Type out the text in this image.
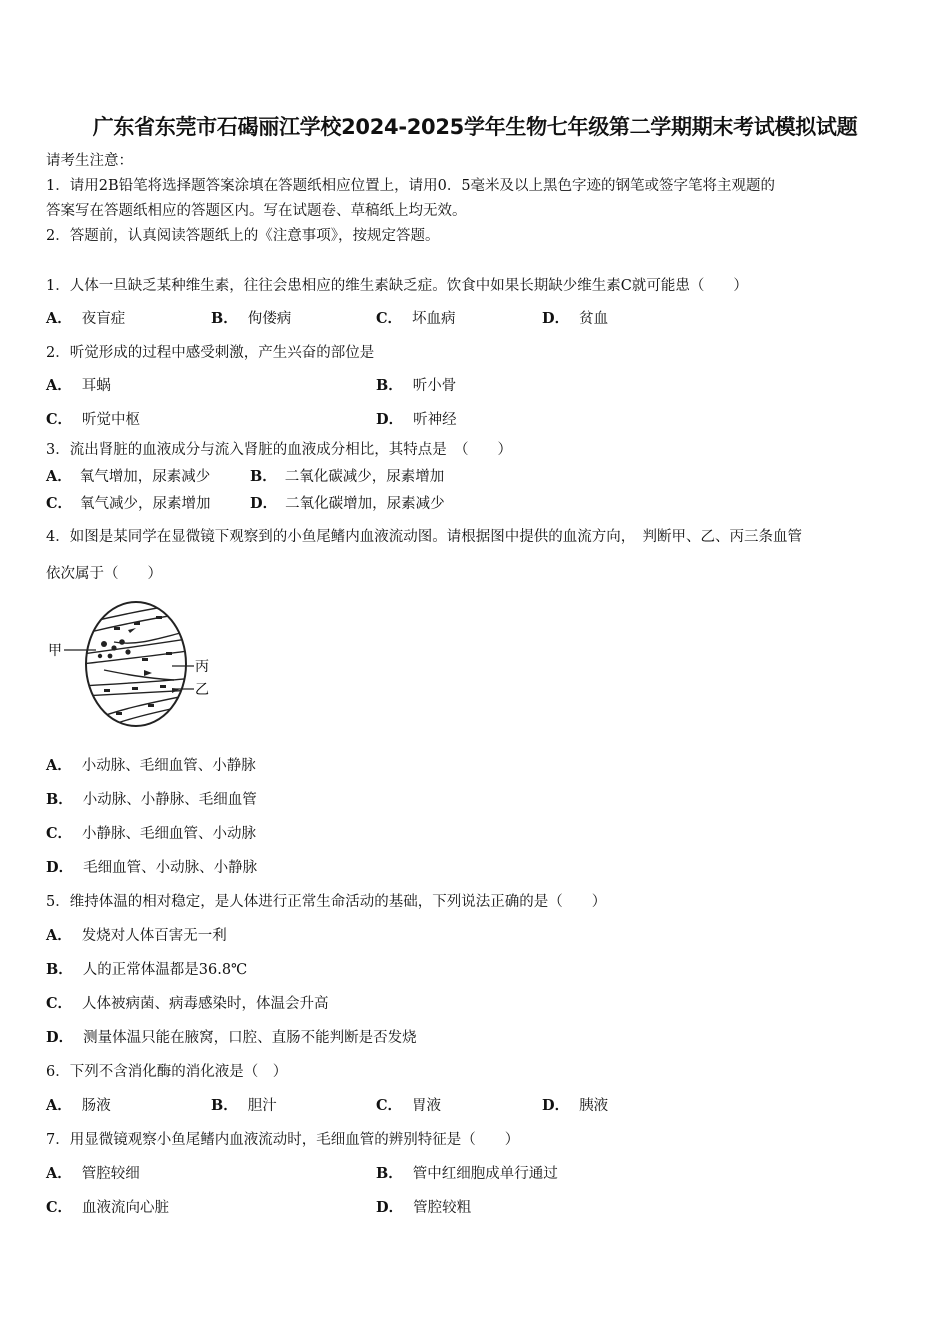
广东省东莞市石碣丽江学校2024-2025学年生物七年级第二学期期末考试模拟试题
请考生注意：
1．请用2B铅笔将选择题答案涂填在答题纸相应位置上，请用0．5毫米及以上黑色字迹的钢笔或签字笔将主观题的
答案写在答题纸相应的答题区内。写在试题卷、草稿纸上均无效。
2．答题前，认真阅读答题纸上的《注意事项》，按规定答题。
1．人体一旦缺乏某种维生素，往往会患相应的维生素缺乏症。饮食中如果长期缺少维生素C就可能患（　　）
A． 夜盲症	B． 佝偻病	C． 坏血病	D． 贫血
2．听觉形成的过程中感受刺激，产生兴奋的部位是
A． 耳蜗	B． 听小骨
C． 听觉中枢	D． 听神经
3．流出肾脏的血液成分与流入肾脏的血液成分相比，其特点是　（　　）
A． 氧气增加，尿素减少	B． 二氧化碳减少，尿素增加
C． 氧气减少，尿素增加	D． 二氧化碳增加，尿素减少
4．如图是某同学在显微镜下观察到的小鱼尾鳍内血液流动图。请根据图中提供的血流方向，　判断甲、乙、丙三条血管
依次属于（　　）
甲
丙
乙
A． 小动脉、毛细血管、小静脉
B． 小动脉、小静脉、毛细血管
C． 小静脉、毛细血管、小动脉
D． 毛细血管、小动脉、小静脉
5．维持体温的相对稳定，是人体进行正常生命活动的基础，下列说法正确的是（　　）
A． 发烧对人体百害无一利
B． 人的正常体温都是36.8℃
C． 人体被病菌、病毒感染时，体温会升高
D． 测量体温只能在腋窝，口腔、直肠不能判断是否发烧
6．下列不含消化酶的消化液是（　）
A． 肠液	B． 胆汁	C． 胃液	D． 胰液
7．用显微镜观察小鱼尾鳍内血液流动时，毛细血管的辨别特征是（　　）
A． 管腔较细	B． 管中红细胞成单行通过
C． 血液流向心脏	D． 管腔较粗
